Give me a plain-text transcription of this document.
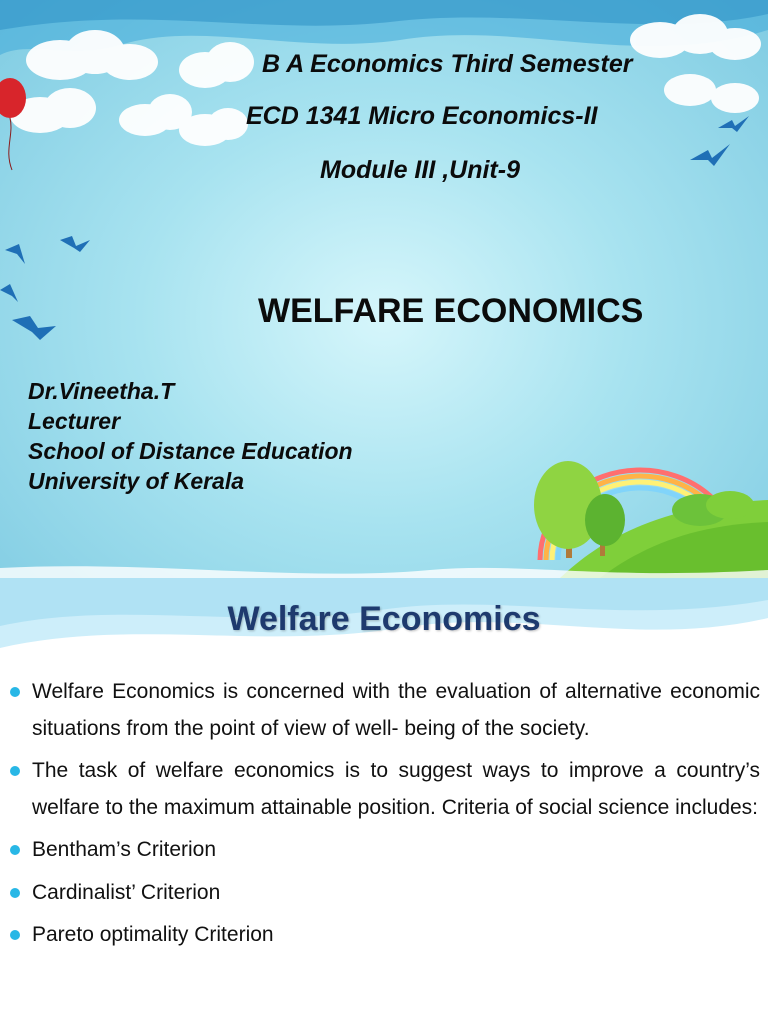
B A Economics Third Semester
ECD 1341 Micro Economics-II
Module III ,Unit-9
WELFARE ECONOMICS
Dr.Vineetha.T
Lecturer
School of Distance Education
University of Kerala
Welfare Economics
Welfare Economics is concerned with the evaluation of alternative economic situations from the point of view of well- being of the society.
The task of welfare economics is to suggest ways to improve a country’s welfare to the maximum attainable position. Criteria of social science includes:
Bentham’s Criterion
Cardinalist’ Criterion
Pareto optimality Criterion
